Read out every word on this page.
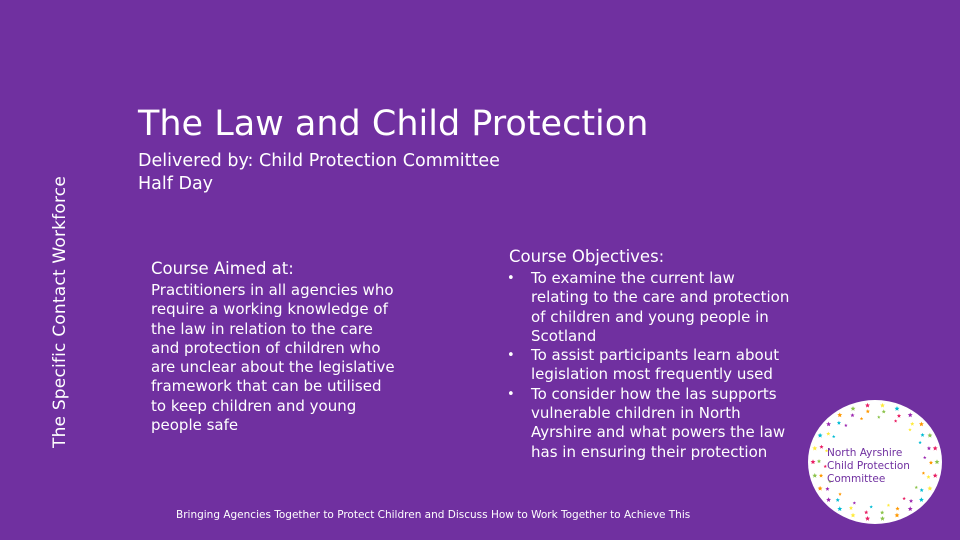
The Specific Contact Workforce
The Law and Child Protection
Delivered by: Child Protection Committee
Half Day
Course Aimed at:
Practitioners in all agencies who require a working knowledge of the law in relation to the care and protection of children who are unclear about the legislative framework that can be utilised to keep children and young people safe
Course Objectives:
• To examine the current law relating to the care and protection of children and young people in Scotland
• To assist participants learn about legislation most frequently used
• To consider how the las supports vulnerable children in North Ayrshire and what powers the law has in ensuring their protection
Bringing Agencies Together to Protect Children and Discuss How to Work Together to Achieve This
North Ayrshire
Child Protection
Committee
